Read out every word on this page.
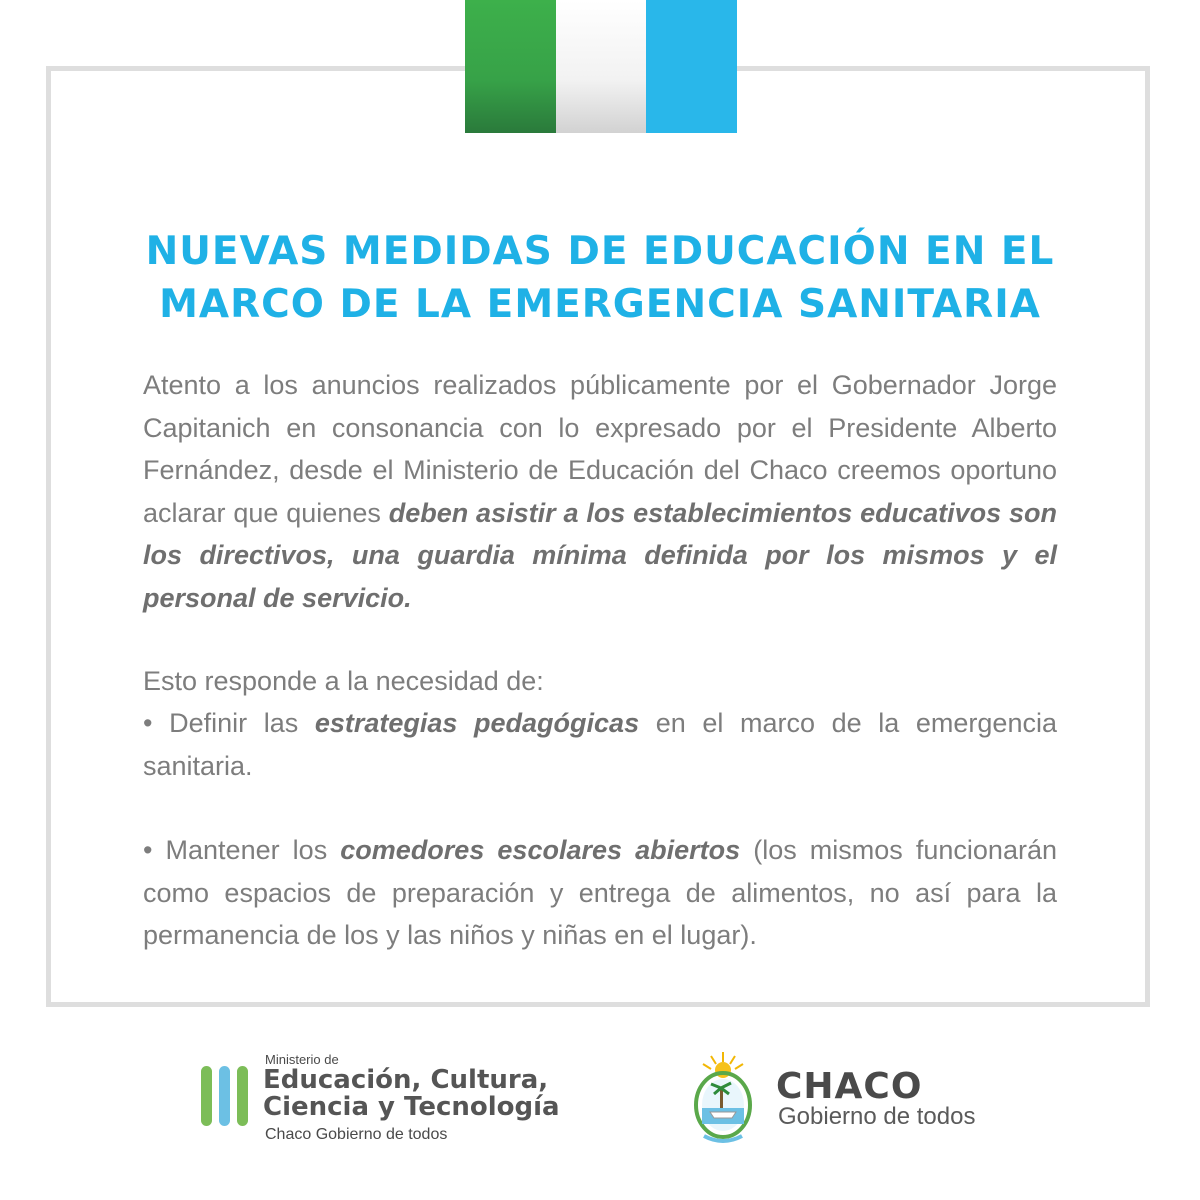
NUEVAS MEDIDAS DE EDUCACIÓN EN EL
MARCO DE LA EMERGENCIA SANITARIA
Atento a los anuncios realizados públicamente por el Gobernador Jorge Capitanich en consonancia con lo expresado por el Presidente Alberto Fernández, desde el Ministerio de Educación del Chaco creemos oportuno aclarar que quienes deben asistir a los establecimientos educativos son los directivos, una guardia mínima definida por los mismos y el personal de servicio.
Esto responde a la necesidad de:
• Definir las estrategias pedagógicas en el marco de la emergencia sanitaria.
• Mantener los comedores escolares abiertos (los mismos funcionarán como espacios de preparación y entrega de alimentos, no así para la permanencia de los y las niños y niñas en el lugar).
Ministerio de
Educación, Cultura,
Ciencia y Tecnología
Chaco Gobierno de todos
CHACO
Gobierno de todos
